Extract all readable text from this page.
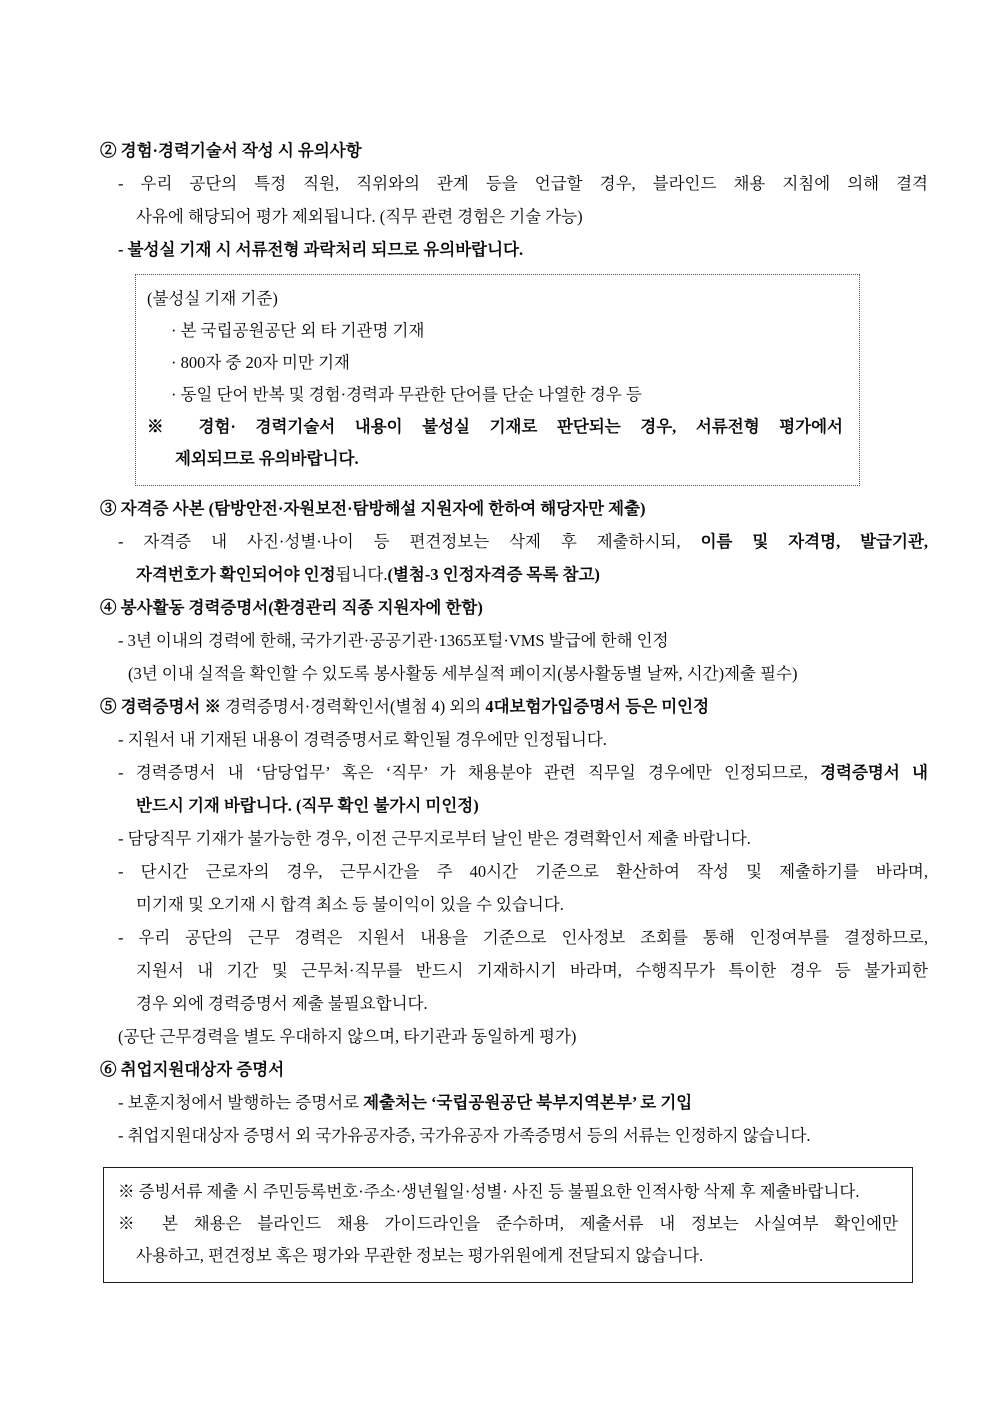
② 경험·경력기술서 작성 시 유의사항
- 우리 공단의 특정 직원, 직위와의 관계 등을 언급할 경우, 블라인드 채용 지침에 의해 결격
사유에 해당되어 평가 제외됩니다. (직무 관련 경험은 기술 가능)
- 불성실 기재 시 서류전형 과락처리 되므로 유의바랍니다.
(불성실 기재 기준)
· 본 국립공원공단 외 타 기관명 기재
· 800자 중 20자 미만 기재
· 동일 단어 반복 및 경험·경력과 무관한 단어를 단순 나열한 경우 등
※ 경험· 경력기술서 내용이 불성실 기재로 판단되는 경우, 서류전형 평가에서
제외되므로 유의바랍니다.
③ 자격증 사본 (탐방안전·자원보전·탐방해설 지원자에 한하여 해당자만 제출)
- 자격증 내 사진·성별·나이 등 편견정보는 삭제 후 제출하시되, 이름 및 자격명, 발급기관,
자격번호가 확인되어야 인정됩니다.(별첨-3 인정자격증 목록 참고)
④ 봉사활동 경력증명서(환경관리 직종 지원자에 한함)
- 3년 이내의 경력에 한해, 국가기관·공공기관·1365포털·VMS 발급에 한해 인정
(3년 이내 실적을 확인할 수 있도록 봉사활동 세부실적 페이지(봉사활동별 날짜, 시간)제출 필수)
⑤ 경력증명서 ※ 경력증명서·경력확인서(별첨 4) 외의 4대보험가입증명서 등은 미인정
- 지원서 내 기재된 내용이 경력증명서로 확인될 경우에만 인정됩니다.
- 경력증명서 내 ‘담당업무’ 혹은 ‘직무’ 가 채용분야 관련 직무일 경우에만 인정되므로, 경력증명서 내
반드시 기재 바랍니다. (직무 확인 불가시 미인정)
- 담당직무 기재가 불가능한 경우, 이전 근무지로부터 날인 받은 경력확인서 제출 바랍니다.
- 단시간 근로자의 경우, 근무시간을 주 40시간 기준으로 환산하여 작성 및 제출하기를 바라며,
미기재 및 오기재 시 합격 최소 등 불이익이 있을 수 있습니다.
- 우리 공단의 근무 경력은 지원서 내용을 기준으로 인사정보 조회를 통해 인정여부를 결정하므로,
지원서 내 기간 및 근무처·직무를 반드시 기재하시기 바라며, 수행직무가 특이한 경우 등 불가피한
경우 외에 경력증명서 제출 불필요합니다.
(공단 근무경력을 별도 우대하지 않으며, 타기관과 동일하게 평가)
⑥ 취업지원대상자 증명서
- 보훈지청에서 발행하는 증명서로 제출처는 ‘국립공원공단 북부지역본부’ 로 기입
- 취업지원대상자 증명서 외 국가유공자증, 국가유공자 가족증명서 등의 서류는 인정하지 않습니다.
※ 증빙서류 제출 시 주민등록번호·주소·생년월일·성별· 사진 등 불필요한 인적사항 삭제 후 제출바랍니다.
※ 본 채용은 블라인드 채용 가이드라인을 준수하며, 제출서류 내 정보는 사실여부 확인에만
사용하고, 편견정보 혹은 평가와 무관한 정보는 평가위원에게 전달되지 않습니다.
